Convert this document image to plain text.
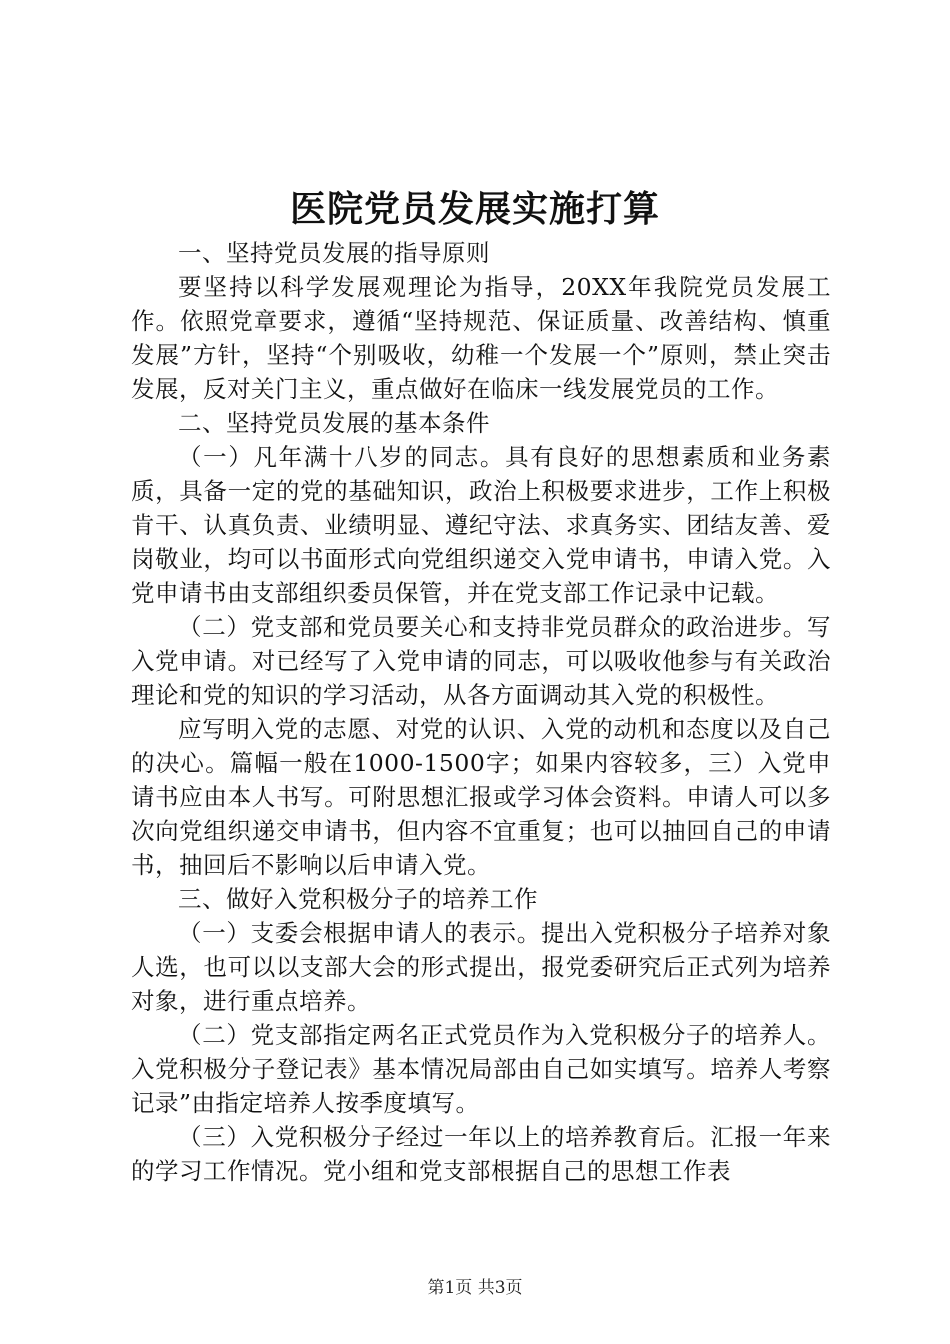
医院党员发展实施打算

一、坚持党员发展的指导原则

要坚持以科学发展观理论为指导，20XX年我院党员发展工作。依照党章要求，遵循“坚持规范、保证质量、改善结构、慎重发展”方针，坚持“个别吸收，幼稚一个发展一个”原则，禁止突击发展，反对关门主义，重点做好在临床一线发展党员的工作。

二、坚持党员发展的基本条件

（一）凡年满十八岁的同志。具有良好的思想素质和业务素质，具备一定的党的基础知识，政治上积极要求进步，工作上积极肯干、认真负责、业绩明显、遵纪守法、求真务实、团结友善、爱岗敬业，均可以书面形式向党组织递交入党申请书，申请入党。入党申请书由支部组织委员保管，并在党支部工作记录中记载。

（二）党支部和党员要关心和支持非党员群众的政治进步。写入党申请。对已经写了入党申请的同志，可以吸收他参与有关政治理论和党的知识的学习活动，从各方面调动其入党的积极性。

应写明入党的志愿、对党的认识、入党的动机和态度以及自己的决心。篇幅一般在1000-1500字；如果内容较多，三）入党申请书应由本人书写。可附思想汇报或学习体会资料。申请人可以多次向党组织递交申请书，但内容不宜重复；也可以抽回自己的申请书，抽回后不影响以后申请入党。

三、做好入党积极分子的培养工作

（一）支委会根据申请人的表示。提出入党积极分子培养对象人选，也可以以支部大会的形式提出，报党委研究后正式列为培养对象，进行重点培养。

（二）党支部指定两名正式党员作为入党积极分子的培养人。入党积极分子登记表》基本情况局部由自己如实填写。培养人考察记录”由指定培养人按季度填写。

（三）入党积极分子经过一年以上的培养教育后。汇报一年来的学习工作情况。党小组和党支部根据自己的思想工作表

第1页 共3页
